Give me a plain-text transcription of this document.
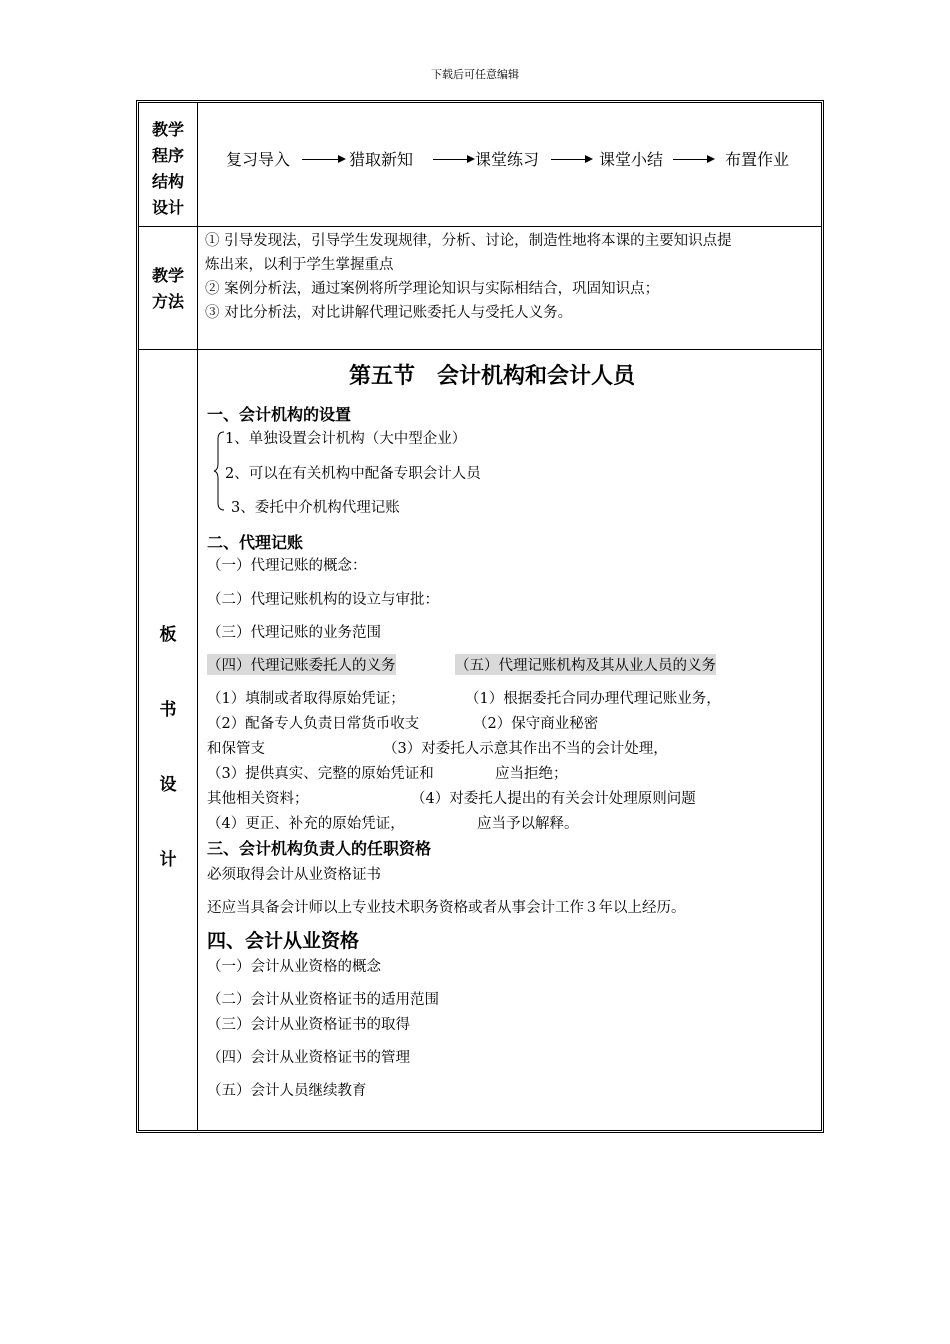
下载后可任意编辑
教学
程序
结构
设计
复习导入	猎取新知	课堂练习	课堂小结	布置作业
教学
方法

① 引导发现法，引导学生发现规律，分析、讨论，制造性地将本课的主要知识点提

炼出来，以利于学生掌握重点

② 案例分析法，通过案例将所学理论知识与实际相结合，巩固知识点；

③ 对比分析法，对比讲解代理记账委托人与受托人义务。

板
书
设
计
第五节　会计机构和会计人员
一、会计机构的设置
1、单独设置会计机构（大中型企业）
2、可以在有关机构中配备专职会计人员
3、委托中介机构代理记账
二、代理记账
（一）代理记账的概念：
（二）代理记账机构的设立与审批：
（三）代理记账的业务范围
（四）代理记账委托人的义务	（五）代理记账机构及其从业人员的义务
（1）填制或者取得原始凭证；	（1）根据委托合同办理代理记账业务，
（2）配备专人负责日常货币收支	（2）保守商业秘密
和保管支	（3）对委托人示意其作出不当的会计处理，
（3）提供真实、完整的原始凭证和	应当拒绝；
其他相关资料；	（4）对委托人提出的有关会计处理原则问题
（4）更正、补充的原始凭证，	应当予以解释。
三、会计机构负责人的任职资格
必须取得会计从业资格证书
还应当具备会计师以上专业技术职务资格或者从事会计工作３年以上经历。
四、会计从业资格
（一）会计从业资格的概念
（二）会计从业资格证书的适用范围
（三）会计从业资格证书的取得
（四）会计从业资格证书的管理
（五）会计人员继续教育
